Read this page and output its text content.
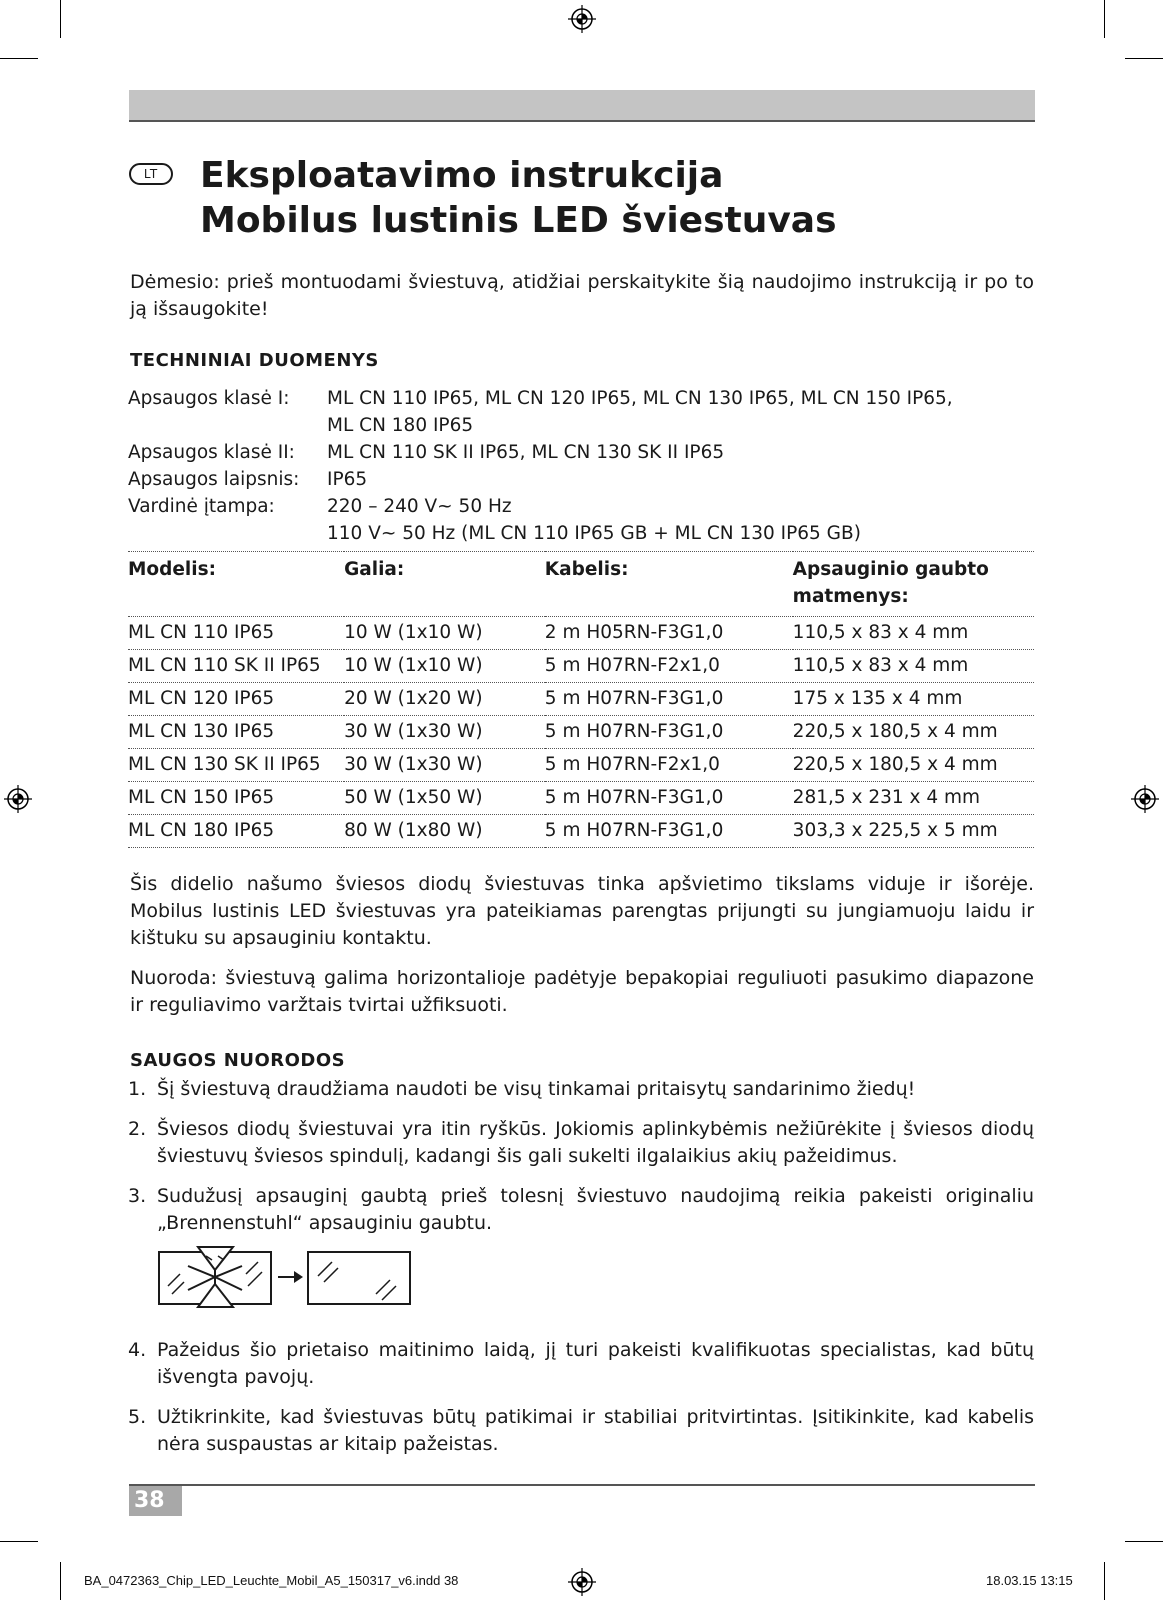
LT	Eksploatavimo instrukcija
Mobilus lustinis LED šviestuvas

Dėmesio: prieš montuodami šviestuvą, atidžiai perskaitykite šią naudojimo instrukciją ir po to ją išsaugokite!

TECHNINIAI DUOMENYS
Apsaugos klasė I:	ML CN 110 IP65, ML CN 120 IP65, ML CN 130 IP65, ML CN 150 IP65,
ML CN 180 IP65
Apsaugos klasė II:	ML CN 110 SK II IP65, ML CN 130 SK II IP65
Apsaugos laipsnis:	IP65
Vardinė įtampa:	220 – 240 V~ 50 Hz
110 V~ 50 Hz (ML CN 110 IP65 GB + ML CN 130 IP65 GB)
Modelis:	Galia:	Kabelis:	Apsauginio gaubto matmenys:
ML CN 110 IP65	10 W (1x10 W)	2 m H05RN-F3G1,0	110,5 x 83 x 4 mm
ML CN 110 SK II IP65	10 W (1x10 W)	5 m H07RN-F2x1,0	110,5 x 83 x 4 mm
ML CN 120 IP65	20 W (1x20 W)	5 m H07RN-F3G1,0	175 x 135 x 4 mm
ML CN 130 IP65	30 W (1x30 W)	5 m H07RN-F3G1,0	220,5 x 180,5 x 4 mm
ML CN 130 SK II IP65	30 W (1x30 W)	5 m H07RN-F2x1,0	220,5 x 180,5 x 4 mm
ML CN 150 IP65	50 W (1x50 W)	5 m H07RN-F3G1,0	281,5 x 231 x 4 mm
ML CN 180 IP65	80 W (1x80 W)	5 m H07RN-F3G1,0	303,3 x 225,5 x 5 mm

Šis didelio našumo šviesos diodų šviestuvas tinka apšvietimo tikslams viduje ir išorėje. Mobilus lustinis LED šviestuvas yra pateikiamas parengtas prijungti su jungiamuoju laidu ir kištuku su apsauginiu kontaktu.

Nuoroda: šviestuvą galima horizontalioje padėtyje bepakopiai reguliuoti pasukimo diapazone ir reguliavimo varžtais tvirtai užfiksuoti.

SAUGOS NUORODOS
1. Šį šviestuvą draudžiama naudoti be visų tinkamai pritaisytų sandarinimo žiedų!
2. Šviesos diodų šviestuvai yra itin ryškūs. Jokiomis aplinkybėmis nežiūrėkite į šviesos diodų šviestuvų šviesos spindulį, kadangi šis gali sukelti ilgalaikius akių pažeidimus.
3. Sudužusį apsauginį gaubtą prieš tolesnį šviestuvo naudojimą reikia pakeisti originaliu „Brennenstuhl“ apsauginiu gaubtu.
4. Pažeidus šio prietaiso maitinimo laidą, jį turi pakeisti kvalifikuotas specialistas, kad būtų išvengta pavojų.
5. Užtikrinkite, kad šviestuvas būtų patikimai ir stabiliai pritvirtintas. Įsitikinkite, kad kabelis nėra suspaustas ar kitaip pažeistas.
38
BA_0472363_Chip_LED_Leuchte_Mobil_A5_150317_v6.indd 38	18.03.15 13:15
